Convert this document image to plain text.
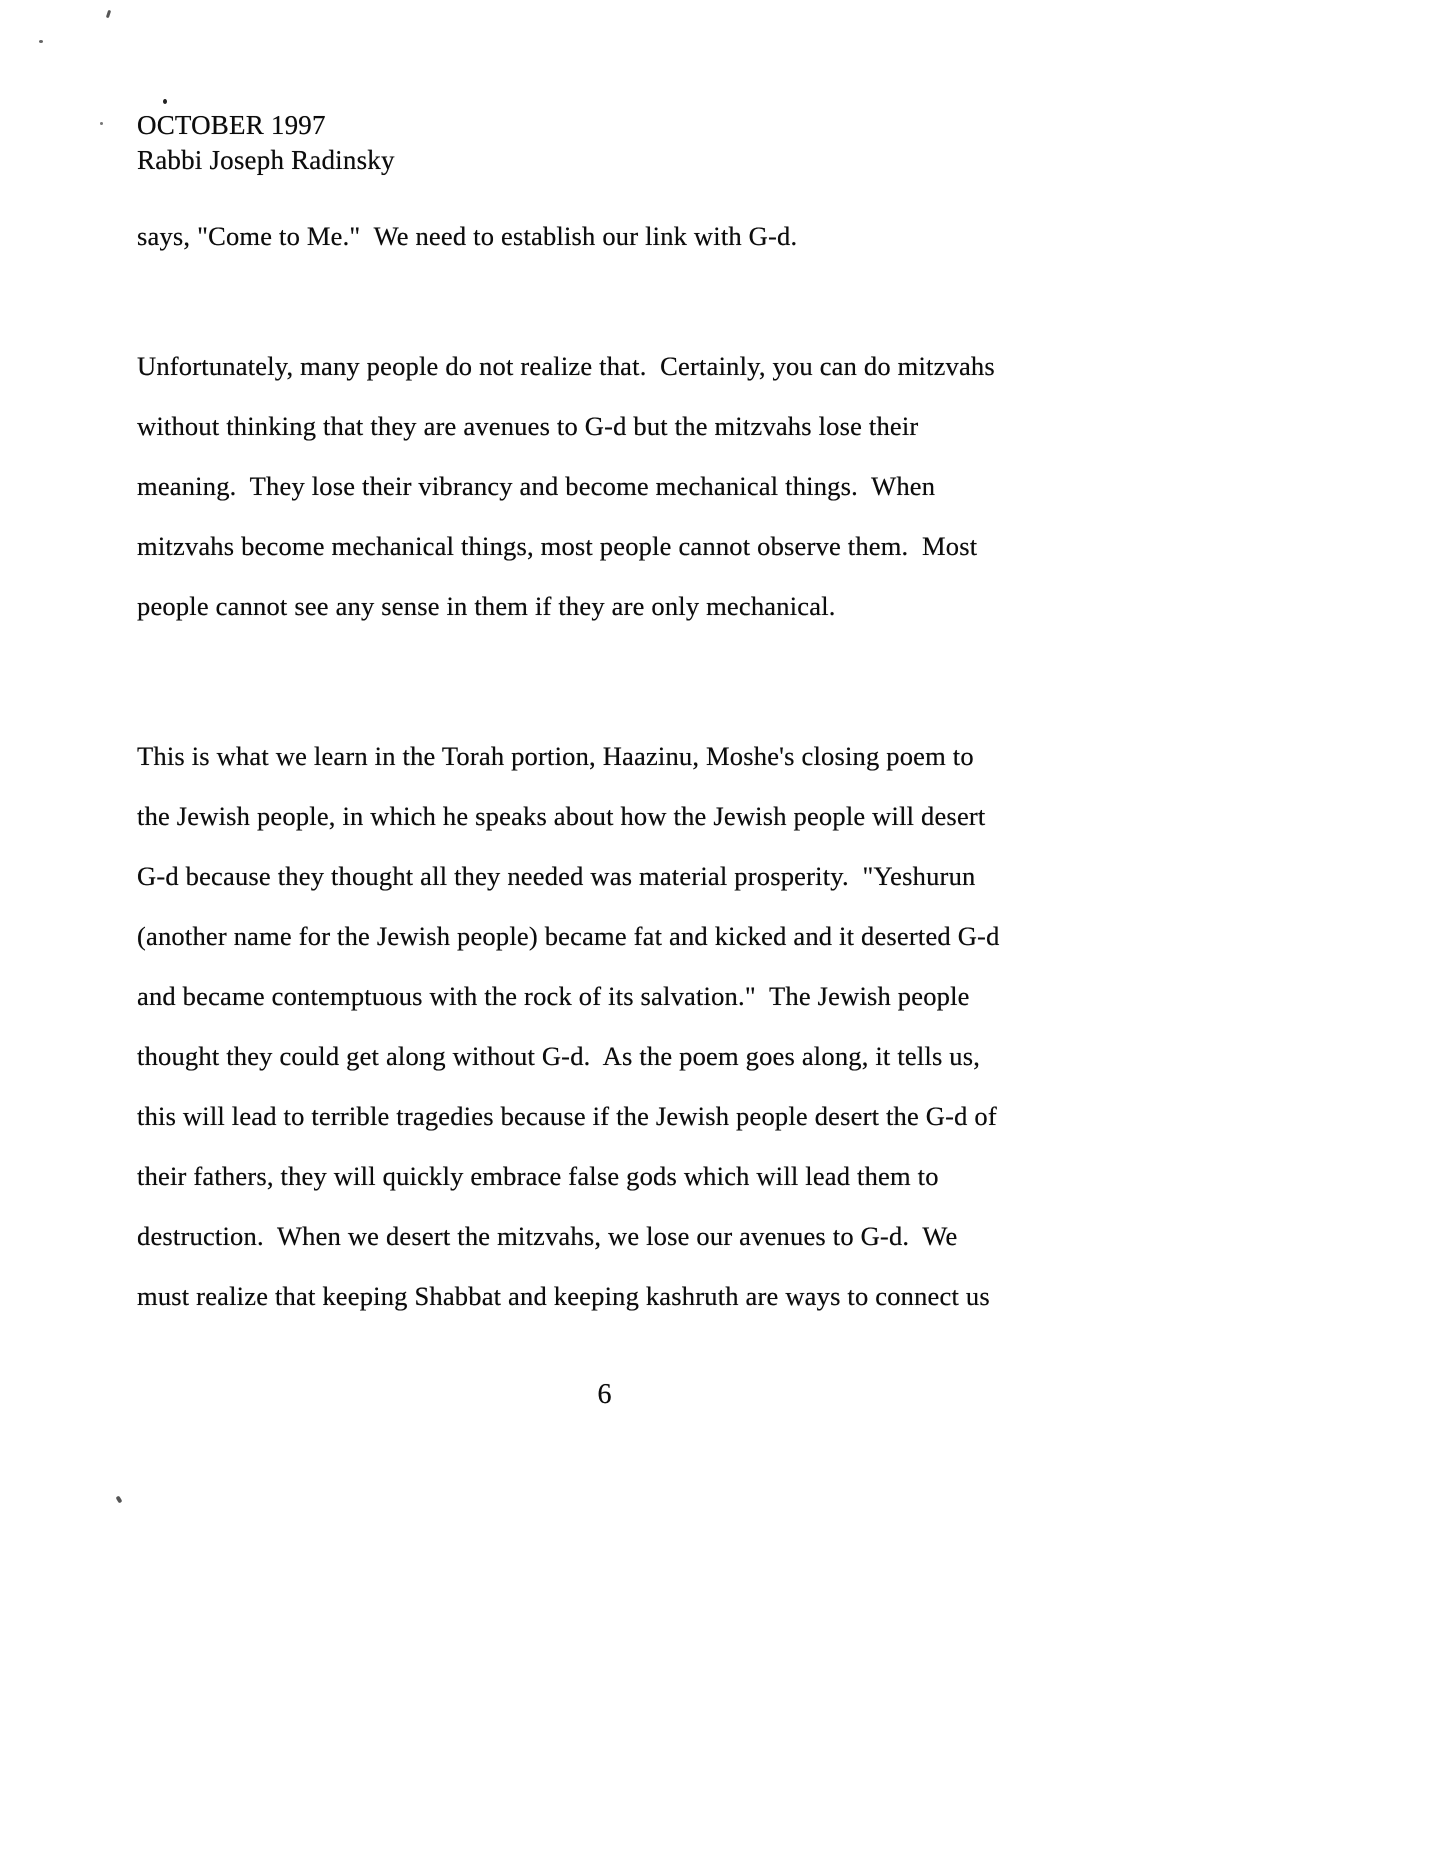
OCTOBER 1997
Rabbi Joseph Radinsky
says, "Come to Me."  We need to establish our link with G-d.
Unfortunately, many people do not realize that.  Certainly, you can do mitzvahs
without thinking that they are avenues to G-d but the mitzvahs lose their
meaning.  They lose their vibrancy and become mechanical things.  When
mitzvahs become mechanical things, most people cannot observe them.  Most
people cannot see any sense in them if they are only mechanical.
This is what we learn in the Torah portion, Haazinu, Moshe's closing poem to
the Jewish people, in which he speaks about how the Jewish people will desert
G-d because they thought all they needed was material prosperity.  "Yeshurun
(another name for the Jewish people) became fat and kicked and it deserted G-d
and became contemptuous with the rock of its salvation."  The Jewish people
thought they could get along without G-d.  As the poem goes along, it tells us,
this will lead to terrible tragedies because if the Jewish people desert the G-d of
their fathers, they will quickly embrace false gods which will lead them to
destruction.  When we desert the mitzvahs, we lose our avenues to G-d.  We
must realize that keeping Shabbat and keeping kashruth are ways to connect us
6
